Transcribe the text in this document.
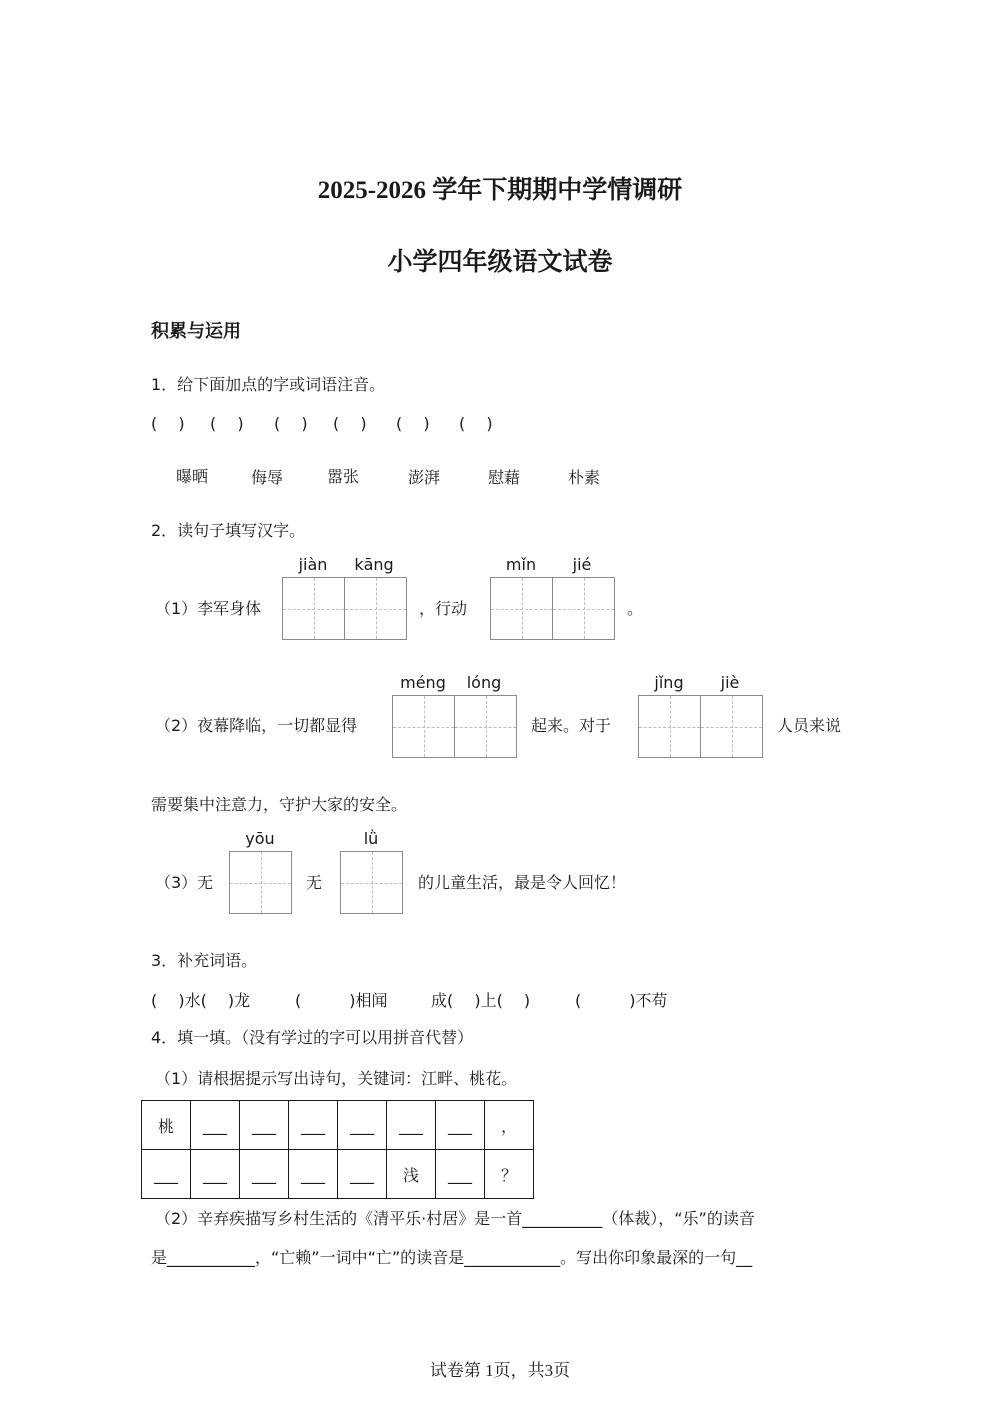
2025-2026 学年下期期中学情调研
小学四年级语文试卷
积累与运用
1．给下面加点的字或词语注音。
(　 ) (　 ) (　 ) (　 ) (　 ) (　 )
曝晒	侮辱	嚣张	澎湃	慰藉	朴素
2．读句子填写汉字。
jiàn	kāng
（1）李军身体	，行动
mǐn	jié
。
méng	lóng
（2）夜幕降临，一切都显得	起来。对于
jǐng	jiè
人员来说
需要集中注意力，守护大家的安全。
yōu
（3）无	无
lǜ
的儿童生活，最是令人回忆！
3．补充词语。
(　 )水(　 )龙	(　　　)相闻	成(　 )上(　 )	(　　　)不苟
4．填一填。（没有学过的字可以用拼音代替）
（1）请根据提示写出诗句，关键词：江畔、桃花。
桃	___	___	___	___	___	___	，
___	___	___	___	___	浅	___	？
（2）辛弃疾描写乡村生活的《清平乐·村居》是一首__________（体裁），“乐”的读音
是___________，“亡赖”一词中“亡”的读音是____________。写出你印象最深的一句__
试卷第 1页，共3页
